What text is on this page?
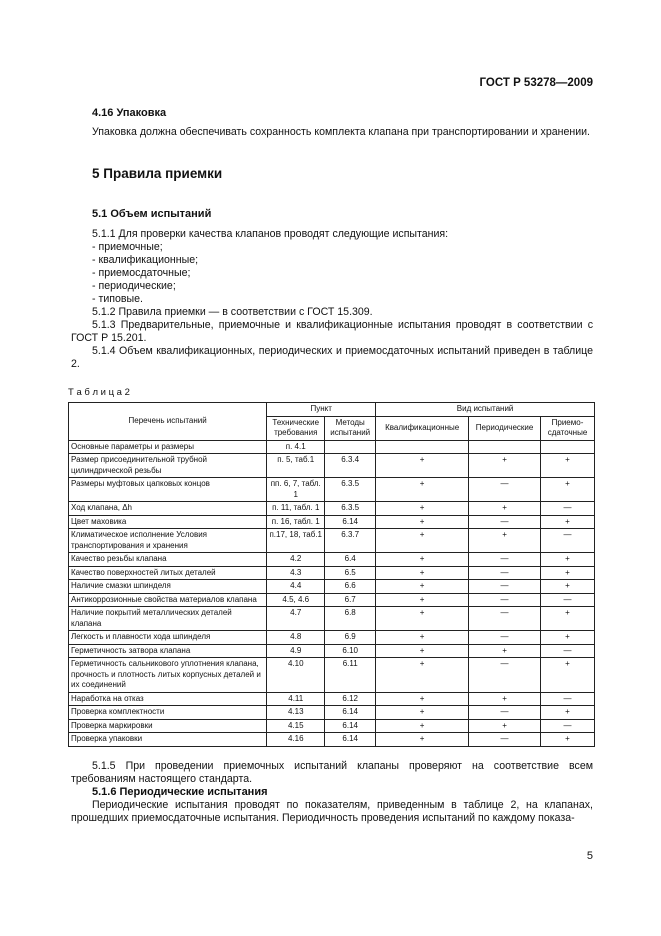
ГОСТ Р 53278—2009
4.16 Упаковка
Упаковка должна обеспечивать сохранность комплекта клапана при транспортировании и хранении.
5 Правила приемки
5.1 Объем испытаний
5.1.1 Для проверки качества клапанов проводят следующие испытания:
- приемочные;
- квалификационные;
- приемосдаточные;
- периодические;
- типовые.
5.1.2 Правила приемки — в соответствии с ГОСТ 15.309.
5.1.3 Предварительные, приемочные и квалификационные испытания проводят в соответствии с ГОСТ Р 15.201.
5.1.4 Объем квалификационных, периодических и приемосдаточных испытаний приведен в таблице 2.
Т а б л и ц а 2
Перечень испытаний	Пункт		Вид испытаний		
	Технические требования	Методы испытаний	Квалификационные	Периодические	Приемо-сдаточные
Основные параметры и размеры	п. 4.1				
Размер присоединительной трубной цилиндрической резьбы	п. 5, таб.1	6.3.4	+	+	+
Размеры муфтовых цапковых концов	пп. 6, 7, табл. 1	6.3.5	+	—	+
Ход клапана, Δh	п. 11, табл. 1	6.3.5	+	+	—
Цвет маховика	п. 16, табл. 1	6.14	+	—	+
Климатическое исполнение Условия транспортирования и хранения	п.17, 18, таб.1	6.3.7	+	+	—
Качество резьбы клапана	4.2	6.4	+	—	+
Качество поверхностей литых деталей	4.3	6.5	+	—	+
Наличие смазки шпинделя	4.4	6.6	+	—	+
Антикоррозионные свойства материалов клапана	4.5, 4.6	6.7	+	—	—
Наличие покрытий металлических деталей клапана	4.7	6.8	+	—	+
Легкость и плавности хода шпинделя	4.8	6.9	+	—	+
Герметичность затвора клапана	4.9	6.10	+	+	—
Герметичность сальникового уплотнения клапана, прочность и плотность литых корпусных деталей и их соединений	4.10	6.11	+	—	+
Наработка на отказ	4.11	6.12	+	+	—
Проверка комплектности	4.13	6.14	+	—	+
Проверка маркировки	4.15	6.14	+	+	—
Проверка упаковки	4.16	6.14	+	—	+
5.1.5 При проведении приемочных испытаний клапаны проверяют на соответствие всем требованиям настоящего стандарта.
5.1.6 Периодические испытания
Периодические испытания проводят по показателям, приведенным в таблице 2, на клапанах, прошедших приемосдаточные испытания. Периодичность проведения испытаний по каждому показа-
5
